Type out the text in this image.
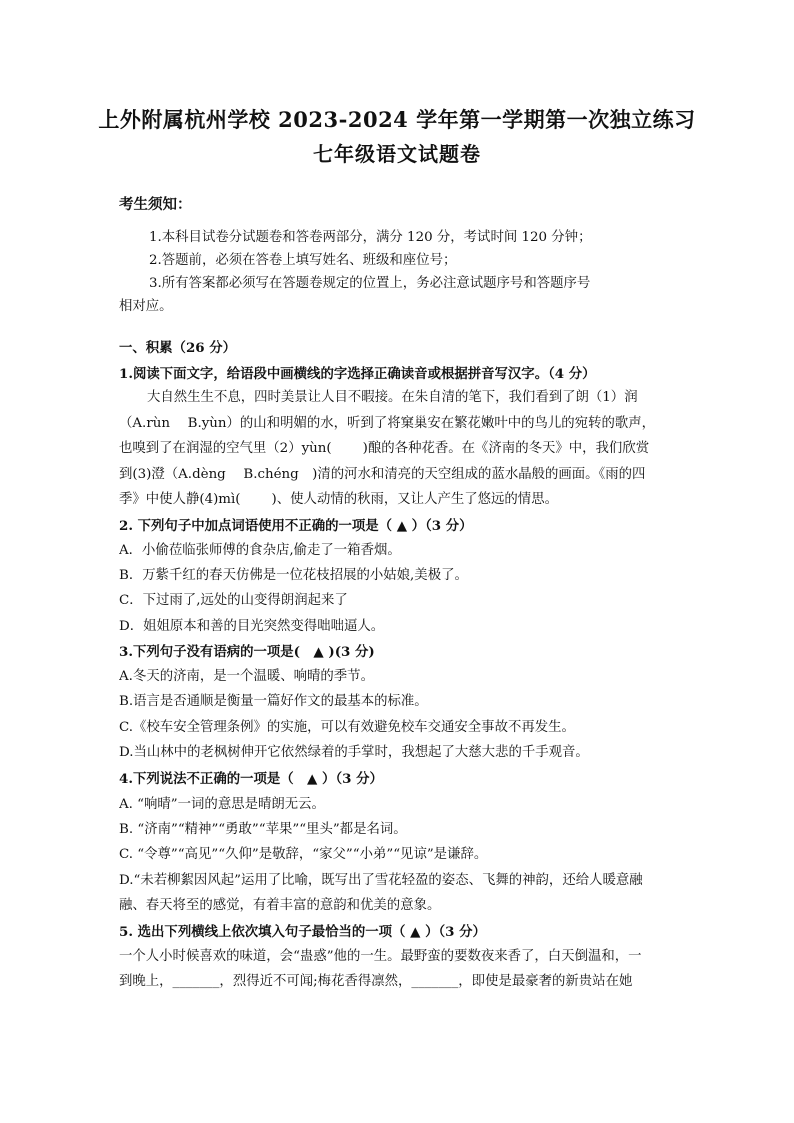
上外附属杭州学校 2023-2024 学年第一学期第一次独立练习
七年级语文试题卷
考生须知：
1.本科目试卷分试题卷和答卷两部分，满分 120 分，考试时间 120 分钟；
2.答题前，必须在答卷上填写姓名、班级和座位号；
3.所有答案都必须写在答题卷规定的位置上，务必注意试题序号和答题序号
相对应。
一、积累（26 分）
1.阅读下面文字，给语段中画横线的字选择正确读音或根据拼音写汉字。（4 分）
大自然生生不息，四时美景让人目不暇接。在朱自清的笔下，我们看到了朗（1）润
（A.rùn　 B.yùn）的山和明媚的水，听到了将窠巢安在繁花嫩叶中的鸟儿的宛转的歌声，
也嗅到了在润湿的空气里（2）yùn(　　 )酿的各种花香。在《济南的冬天》中，我们欣赏
到(3)澄（A.dèng　 B.chéng　)清的河水和清亮的天空组成的蓝水晶般的画面。《雨的四
季》中使人静(4)mì(　　 )、使人动情的秋雨，又让人产生了悠远的情思。
2. 下列句子中加点词语使用不正确的一项是（ ▲ ）（3 分）
A．小偷莅临张师傅的食杂店,偷走了一箱香烟。
B．万紫千红的春天仿佛是一位花枝招展的小姑娘,美极了。
C．下过雨了,远处的山变得朗润起来了
D．姐姐原本和善的目光突然变得咄咄逼人。
3.下列句子没有语病的一项是(　▲ )(3 分)
A.冬天的济南，是一个温暖、响晴的季节。
B.语言是否通顺是衡量一篇好作文的最基本的标准。
C.《校车安全管理条例》的实施，可以有效避免校车交通安全事故不再发生。
D.当山林中的老枫树伸开它依然绿着的手掌时，我想起了大慈大悲的千手观音。
4.下列说法不正确的一项是（　▲ ）（3 分）
A. “响晴”一词的意思是晴朗无云。
B. “济南”“精神”“勇敢”“苹果”“里头”都是名词。
C. “令尊”“高见”“久仰”是敬辞，“家父”“小弟”“见谅”是谦辞。
D.“未若柳絮因风起”运用了比喻，既写出了雪花轻盈的姿态、飞舞的神韵，还给人暖意融
融、春天将至的感觉，有着丰富的意韵和优美的意象。
5. 选出下列横线上依次填入句子最恰当的一项（ ▲ ）（3 分）
一个人小时候喜欢的味道，会“蛊惑”他的一生。最野蛮的要数夜来香了，白天倒温和，一
到晚上，_______，烈得近不可闻;梅花香得凛然，_______，即使是最豪奢的新贵站在她
